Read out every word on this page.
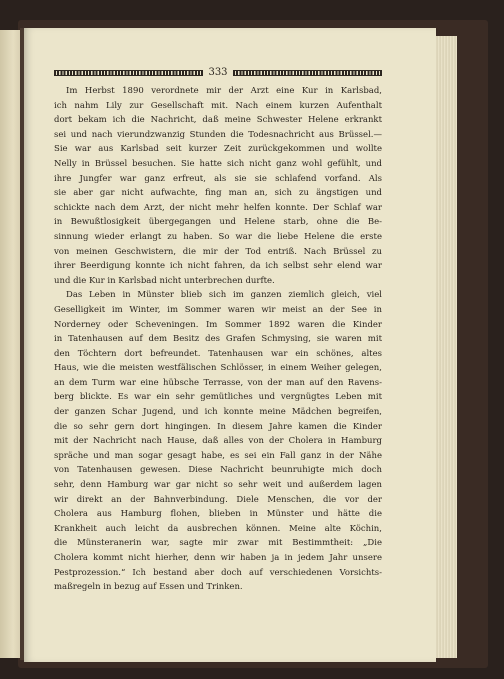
333
Im Herbst 1890 verordnete mir der Arzt eine Kur in Karlsbad,
ich nahm Lily zur Gesellschaft mit. Nach einem kurzen Aufenthalt
dort bekam ich die Nachricht, daß meine Schwester Helene erkrankt
sei und nach vierundzwanzig Stunden die Todesnachricht aus Brüssel.—
Sie war aus Karlsbad seit kurzer Zeit zurückgekommen und wollte
Nelly in Brüssel besuchen. Sie hatte sich nicht ganz wohl gefühlt, und
ihre Jungfer war ganz erfreut, als sie sie schlafend vorfand. Als
sie aber gar nicht aufwachte, fing man an, sich zu ängstigen und
schickte nach dem Arzt, der nicht mehr helfen konnte. Der Schlaf war
in Bewußtlosigkeit übergegangen und Helene starb, ohne die Be-
sinnung wieder erlangt zu haben. So war die liebe Helene die erste
von meinen Geschwistern, die mir der Tod entriß. Nach Brüssel zu
ihrer Beerdigung konnte ich nicht fahren, da ich selbst sehr elend war
und die Kur in Karlsbad nicht unterbrechen durfte.
Das Leben in Münster blieb sich im ganzen ziemlich gleich, viel
Geselligkeit im Winter, im Sommer waren wir meist an der See in
Norderney oder Scheveningen. Im Sommer 1892 waren die Kinder
in Tatenhausen auf dem Besitz des Grafen Schmysing, sie waren mit
den Töchtern dort befreundet. Tatenhausen war ein schönes, altes
Haus, wie die meisten westfälischen Schlösser, in einem Weiher gelegen,
an dem Turm war eine hübsche Terrasse, von der man auf den Ravens-
berg blickte. Es war ein sehr gemütliches und vergnügtes Leben mit
der ganzen Schar Jugend, und ich konnte meine Mädchen begreifen,
die so sehr gern dort hingingen. In diesem Jahre kamen die Kinder
mit der Nachricht nach Hause, daß alles von der Cholera in Hamburg
spräche und man sogar gesagt habe, es sei ein Fall ganz in der Nähe
von Tatenhausen gewesen. Diese Nachricht beunruhigte mich doch
sehr, denn Hamburg war gar nicht so sehr weit und außerdem lagen
wir direkt an der Bahnverbindung. Diele Menschen, die vor der
Cholera aus Hamburg flohen, blieben in Münster und hätte die
Krankheit auch leicht da ausbrechen können. Meine alte Köchin,
die Münsteranerin war, sagte mir zwar mit Bestimmtheit: „Die
Cholera kommt nicht hierher, denn wir haben ja in jedem Jahr unsere
Pestprozession.“ Ich bestand aber doch auf verschiedenen Vorsichts-
maßregeln in bezug auf Essen und Trinken.
